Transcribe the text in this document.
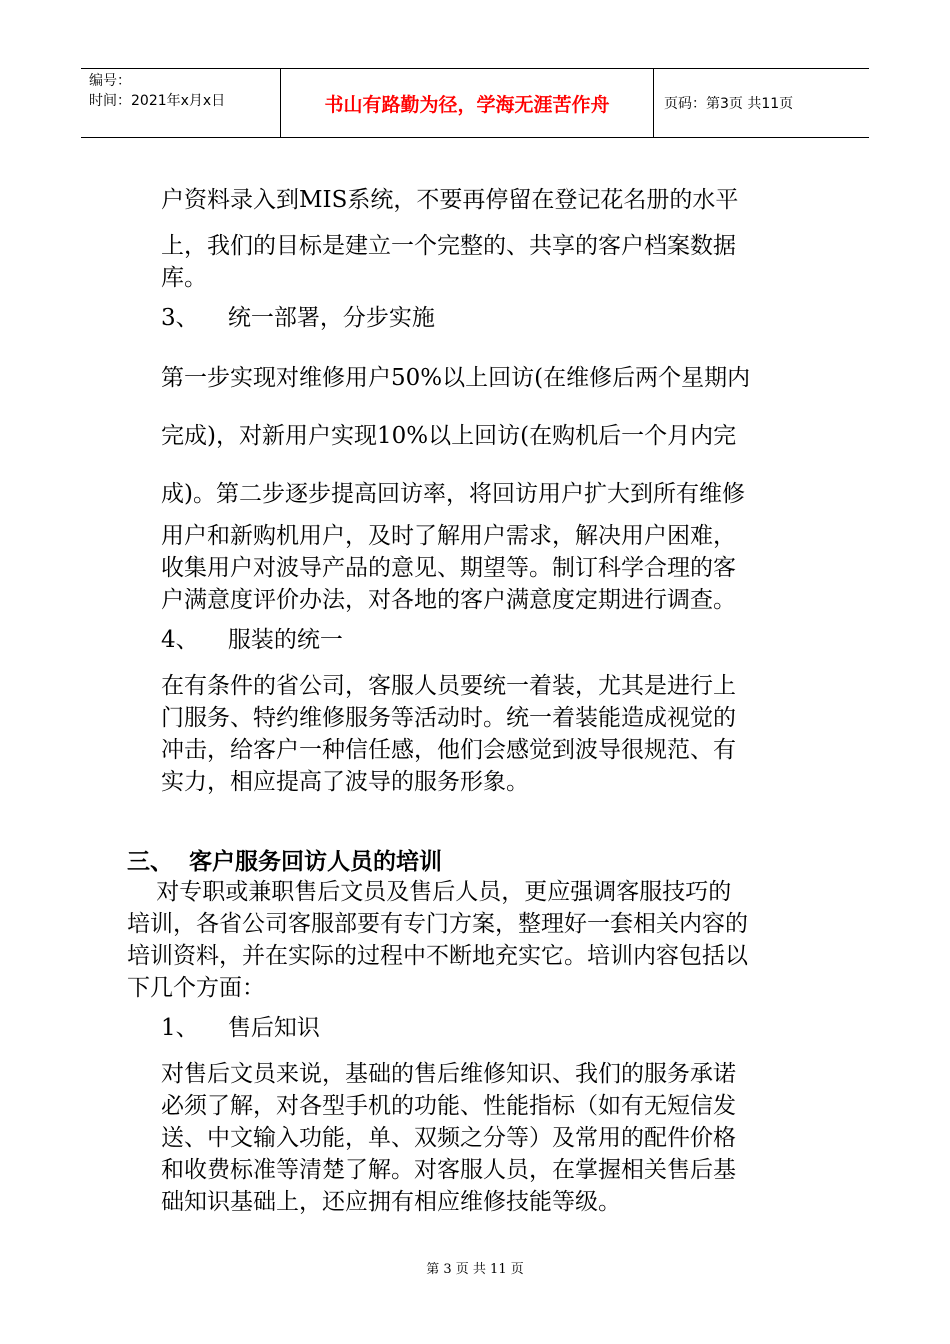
编号：
时间：2021年x月x日	书山有路勤为径，学海无涯苦作舟	页码：第3页 共11页
户资料录入到MIS系统，不要再停留在登记花名册的水平
上，我们的目标是建立一个完整的、共享的客户档案数据
库。
3、    统一部署，分步实施
第一步实现对维修用户50%以上回访(在维修后两个星期内
完成)，对新用户实现10%以上回访(在购机后一个月内完
成)。第二步逐步提高回访率，将回访用户扩大到所有维修
用户和新购机用户，及时了解用户需求，解决用户困难，
收集用户对波导产品的意见、期望等。制订科学合理的客
户满意度评价办法，对各地的客户满意度定期进行调查。
4、    服装的统一
在有条件的省公司，客服人员要统一着装，尤其是进行上
门服务、特约维修服务等活动时。统一着装能造成视觉的
冲击，给客户一种信任感，他们会感觉到波导很规范、有
实力，相应提高了波导的服务形象。
三、  客户服务回访人员的培训
对专职或兼职售后文员及售后人员，更应强调客服技巧的
培训，各省公司客服部要有专门方案，整理好一套相关内容的
培训资料，并在实际的过程中不断地充实它。培训内容包括以
下几个方面：
1、    售后知识
对售后文员来说，基础的售后维修知识、我们的服务承诺
必须了解，对各型手机的功能、性能指标（如有无短信发
送、中文输入功能，单、双频之分等）及常用的配件价格
和收费标准等清楚了解。对客服人员，在掌握相关售后基
础知识基础上，还应拥有相应维修技能等级。
第 3 页 共 11 页
